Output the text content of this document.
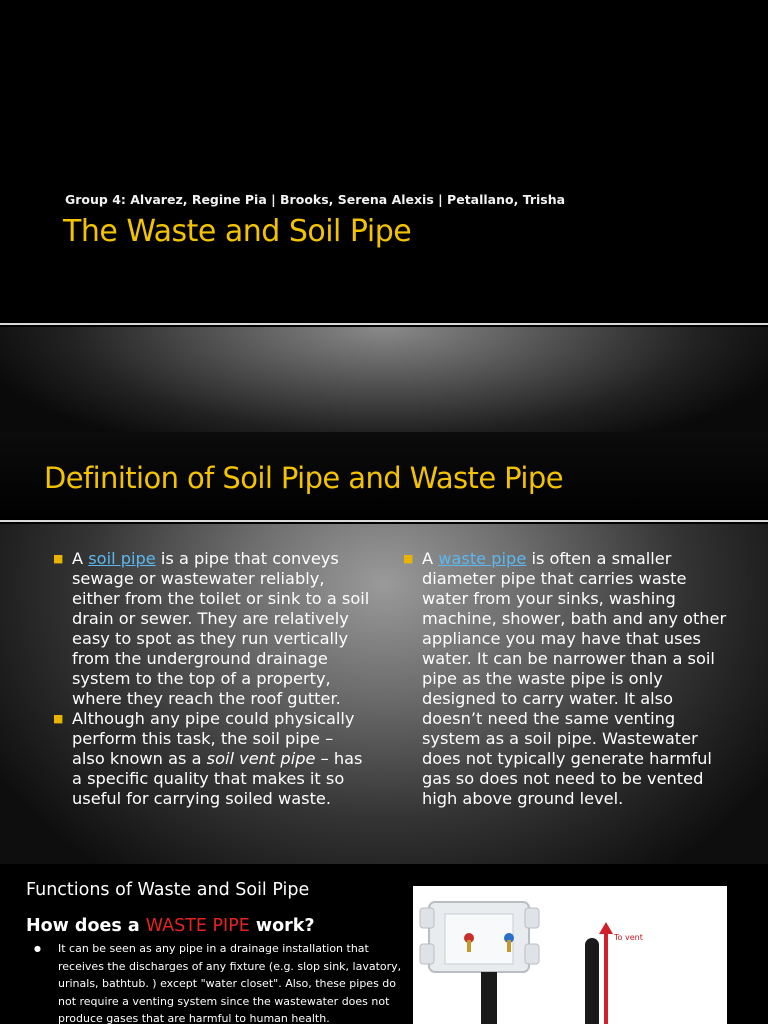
Group 4: Alvarez, Regine Pia | Brooks, Serena Alexis | Petallano, Trisha
The Waste and Soil Pipe
Definition of Soil Pipe and Waste Pipe

■ A soil pipe is a pipe that conveys sewage or wastewater reliably, either from the toilet or sink to a soil drain or sewer. They are relatively easy to spot as they run vertically from the underground drainage system to the top of a property, where they reach the roof gutter.

■ Although any pipe could physically perform this task, the soil pipe – also known as a soil vent pipe – has a specific quality that makes it so useful for carrying soiled waste.

■ A waste pipe is often a smaller diameter pipe that carries waste water from your sinks, washing machine, shower, bath and any other appliance you may have that uses water. It can be narrower than a soil pipe as the waste pipe is only designed to carry water. It also doesn’t need the same venting system as a soil pipe. Wastewater does not typically generate harmful gas so does not need to be vented high above ground level.

Functions of Waste and Soil Pipe
How does a WASTE PIPE work?

● It can be seen as any pipe in a drainage installation that receives the discharges of any fixture (e.g. slop sink, lavatory, urinals, bathtub. ) except "water closet". Also, these pipes do not require a venting system since the wastewater does not produce gases that are harmful to human health.

To vent
